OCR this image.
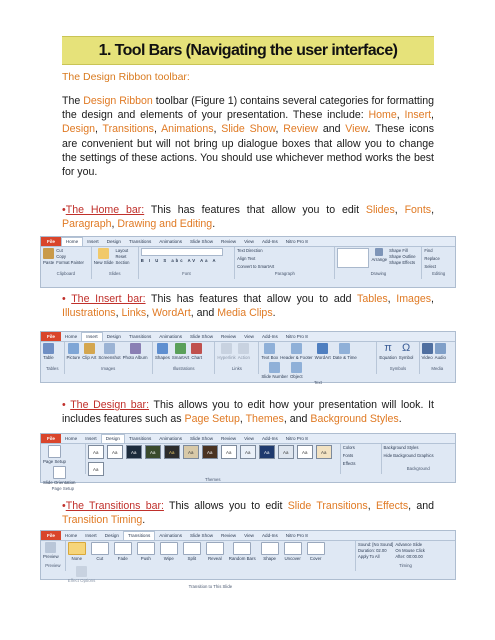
1. Tool Bars (Navigating the user interface)
The Design Ribbon toolbar:
The Design Ribbon toolbar (Figure 1) contains several categories for formatting the design and elements of your presentation. These include: Home, Insert, Design, Transitions, Animations, Slide Show, Review and View. These icons are convenient but will not bring up dialogue boxes that allow you to change the settings of these actions. You should use whichever method works the best for you.
•The Home bar: This has features that allow you to edit Slides, Fonts, Paragraph, Drawing and Editing.
File	Home	Insert	Design	Transitions	Animations	Slide Show	Review	View	Add-Ins	Nitro Pro 8
Paste
Cut
Copy
Format Painter
Clipboard
New Slide
Layout
Reset
Section
Slides
B I U S abc AV Aa A
Font
Text Direction
Align Text
Convert to SmartArt
Paragraph
Arrange
Shape Fill
Shape Outline
Shape Effects
Drawing
Find
Replace
Select
Editing
• The Insert bar: This has features that allow you to add Tables, Images, Illustrations, Links, WordArt, and Media Clips.
File	Home	Insert	Design	Transitions	Animations	Slide Show	Review	View	Add-Ins	Nitro Pro 8
Table
Tables
Picture Clip Art Screenshot Photo Album
Images
Shapes SmartArt Chart
Illustrations
Hyperlink Action
Links
Text Box Header & Footer WordArt Date & Time
Slide Number Object
Text
π
Equation
Ω
Symbol
Symbols
Video Audio
Media
• The Design bar: This allows you to edit how your presentation will look. It includes features such as Page Setup, Themes, and Background Styles.
File	Home	Insert	Design	Transitions	Animations	Slide Show	Review	View	Add-Ins	Nitro Pro 8
Page Setup
Slide Orientation
Page Setup
Aa	Aa	Aa	Aa	Aa	Aa	Aa	Aa	Aa	Aa	Aa	Aa	Aa
Aa
Themes
Colors
Fonts
Effects
Background Styles
Hide Background Graphics
Background
•The Transitions bar: This allows you to edit Slide Transitions, Effects, and Transition Timing.
File	Home	Insert	Design	Transitions	Animations	Slide Show	Review	View	Add-Ins	Nitro Pro 8
Preview
Preview
None	Cut	Fade	Push	Wipe	Split	Reveal Random Bars Shape Uncover Cover
Effect Options
Transition to This Slide
Sound: [No Sound]
Duration: 02.00
Apply To All
Advance Slide
On Mouse Click
After: 00:00.00
Timing
